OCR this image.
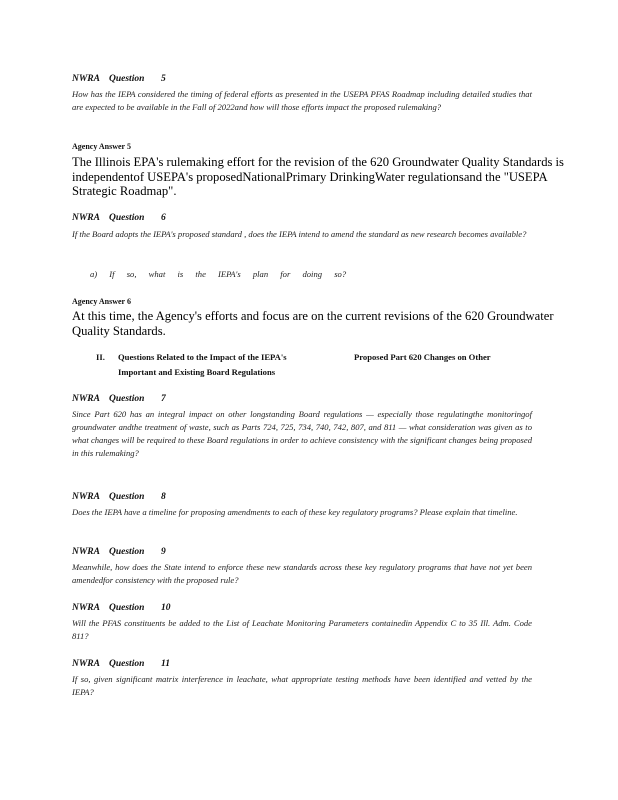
NWRA Question 5
How has the IEPA considered the timing of federal efforts as presented in the USEPA PFAS Roadmap including detailed studies that are expected to be available in the Fall of 2022and how will those efforts impact the proposed rulemaking?
Agency Answer 5
The Illinois EPA's rulemaking effort for the revision of the 620 Groundwater Quality Standards is independentof USEPA's proposedNationalPrimary DrinkingWater regulationsand the "USEPA Strategic Roadmap".
NWRA Question 6
If the Board adopts the IEPA's proposed standard , does the IEPA intend to amend the standard as new research becomes available?
a) If so, what is the IEPA's plan for doing so?
Agency Answer 6
At this time, the Agency's efforts and focus are on the current revisions of the 620 Groundwater Quality Standards.
II. Questions Related to the Impact of the IEPA's	Proposed Part 620 Changes on Other
Important and Existing Board Regulations
NWRA Question 7
Since Part 620 has an integral impact on other longstanding Board regulations — especially those regulatingthe monitoringof groundwater andthe treatment of waste, such as Parts 724, 725, 734, 740, 742, 807, and 811 — what consideration was given as to what changes will be required to these Board regulations in order to achieve consistency with the significant changes being proposed in this rulemaking?
NWRA Question 8
Does the IEPA have a timeline for proposing amendments to each of these key regulatory programs? Please explain that timeline.
NWRA Question 9
Meanwhile, how does the State intend to enforce these new standards across these key regulatory programs that have not yet been amendedfor consistency with the proposed rule?
NWRA Question 10
Will the PFAS constituents be added to the List of Leachate Monitoring Parameters containedin Appendix C to 35 Ill. Adm. Code 811?
NWRA Question 11
If so, given significant matrix interference in leachate, what appropriate testing methods have been identified and vetted by the IEPA?
